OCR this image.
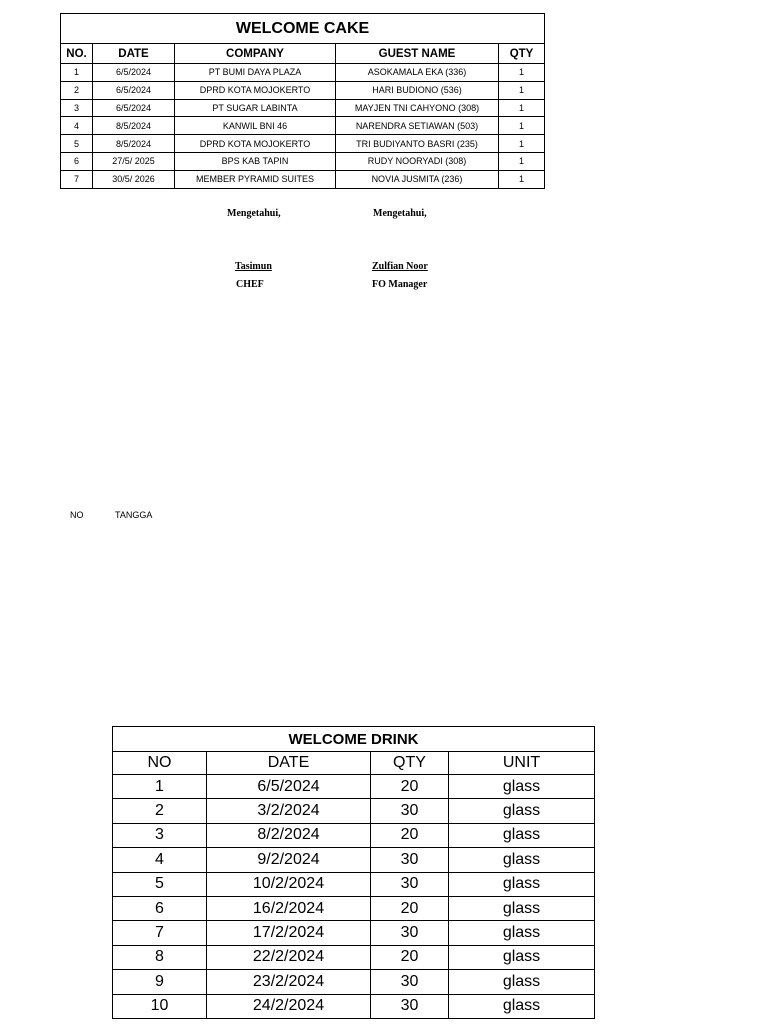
WELCOME CAKE				
NO.	DATE	COMPANY	GUEST NAME	QTY
1	6/5/2024	PT BUMI DAYA PLAZA	ASOKAMALA EKA (336)	1
2	6/5/2024	DPRD KOTA MOJOKERTO	HARI BUDIONO (536)	1
3	6/5/2024	PT SUGAR LABINTA	MAYJEN TNI CAHYONO (308)	1
4	8/5/2024	KANWIL BNI 46	NARENDRA SETIAWAN (503)	1
5	8/5/2024	DPRD KOTA MOJOKERTO	TRI BUDIYANTO BASRI (235)	1
6	27/5/ 2025	BPS KAB TAPIN	RUDY NOORYADI (308)	1
7	30/5/ 2026	MEMBER PYRAMID SUITES	NOVIA JUSMITA (236)	1
Mengetahui,	Mengetahui,
Tasimun	Zulfian Noor
CHEF	FO Manager
NO	TANGGA
WELCOME DRINK			
NO	DATE	QTY	UNIT
1	6/5/2024	20	glass
2	3/2/2024	30	glass
3	8/2/2024	20	glass
4	9/2/2024	30	glass
5	10/2/2024	30	glass
6	16/2/2024	20	glass
7	17/2/2024	30	glass
8	22/2/2024	20	glass
9	23/2/2024	30	glass
10	24/2/2024	30	glass
